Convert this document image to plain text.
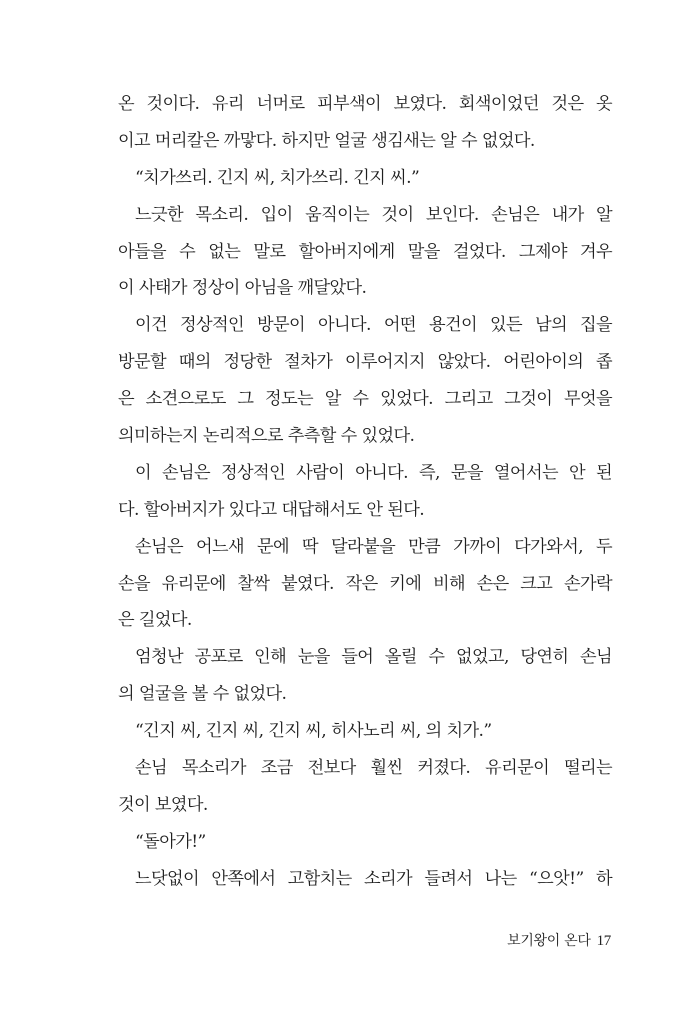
온 것이다. 유리 너머로 피부색이 보였다. 회색이었던 것은 옷
이고 머리칼은 까맣다. 하지만 얼굴 생김새는 알 수 없었다.
“치가쓰리. 긴지 씨, 치가쓰리. 긴지 씨.”
느긋한 목소리. 입이 움직이는 것이 보인다. 손님은 내가 알
아들을 수 없는 말로 할아버지에게 말을 걸었다. 그제야 겨우
이 사태가 정상이 아님을 깨달았다.
이건 정상적인 방문이 아니다. 어떤 용건이 있든 남의 집을
방문할 때의 정당한 절차가 이루어지지 않았다. 어린아이의 좁
은 소견으로도 그 정도는 알 수 있었다. 그리고 그것이 무엇을
의미하는지 논리적으로 추측할 수 있었다.
이 손님은 정상적인 사람이 아니다. 즉, 문을 열어서는 안 된
다. 할아버지가 있다고 대답해서도 안 된다.
손님은 어느새 문에 딱 달라붙을 만큼 가까이 다가와서, 두
손을 유리문에 찰싹 붙였다. 작은 키에 비해 손은 크고 손가락
은 길었다.
엄청난 공포로 인해 눈을 들어 올릴 수 없었고, 당연히 손님
의 얼굴을 볼 수 없었다.
“긴지 씨, 긴지 씨, 긴지 씨, 히사노리 씨, 의 치가.”
손님 목소리가 조금 전보다 훨씬 커졌다. 유리문이 떨리는
것이 보였다.
“돌아가!”
느닷없이 안쪽에서 고함치는 소리가 들려서 나는 “으앗!” 하
보기왕이 온다 17
